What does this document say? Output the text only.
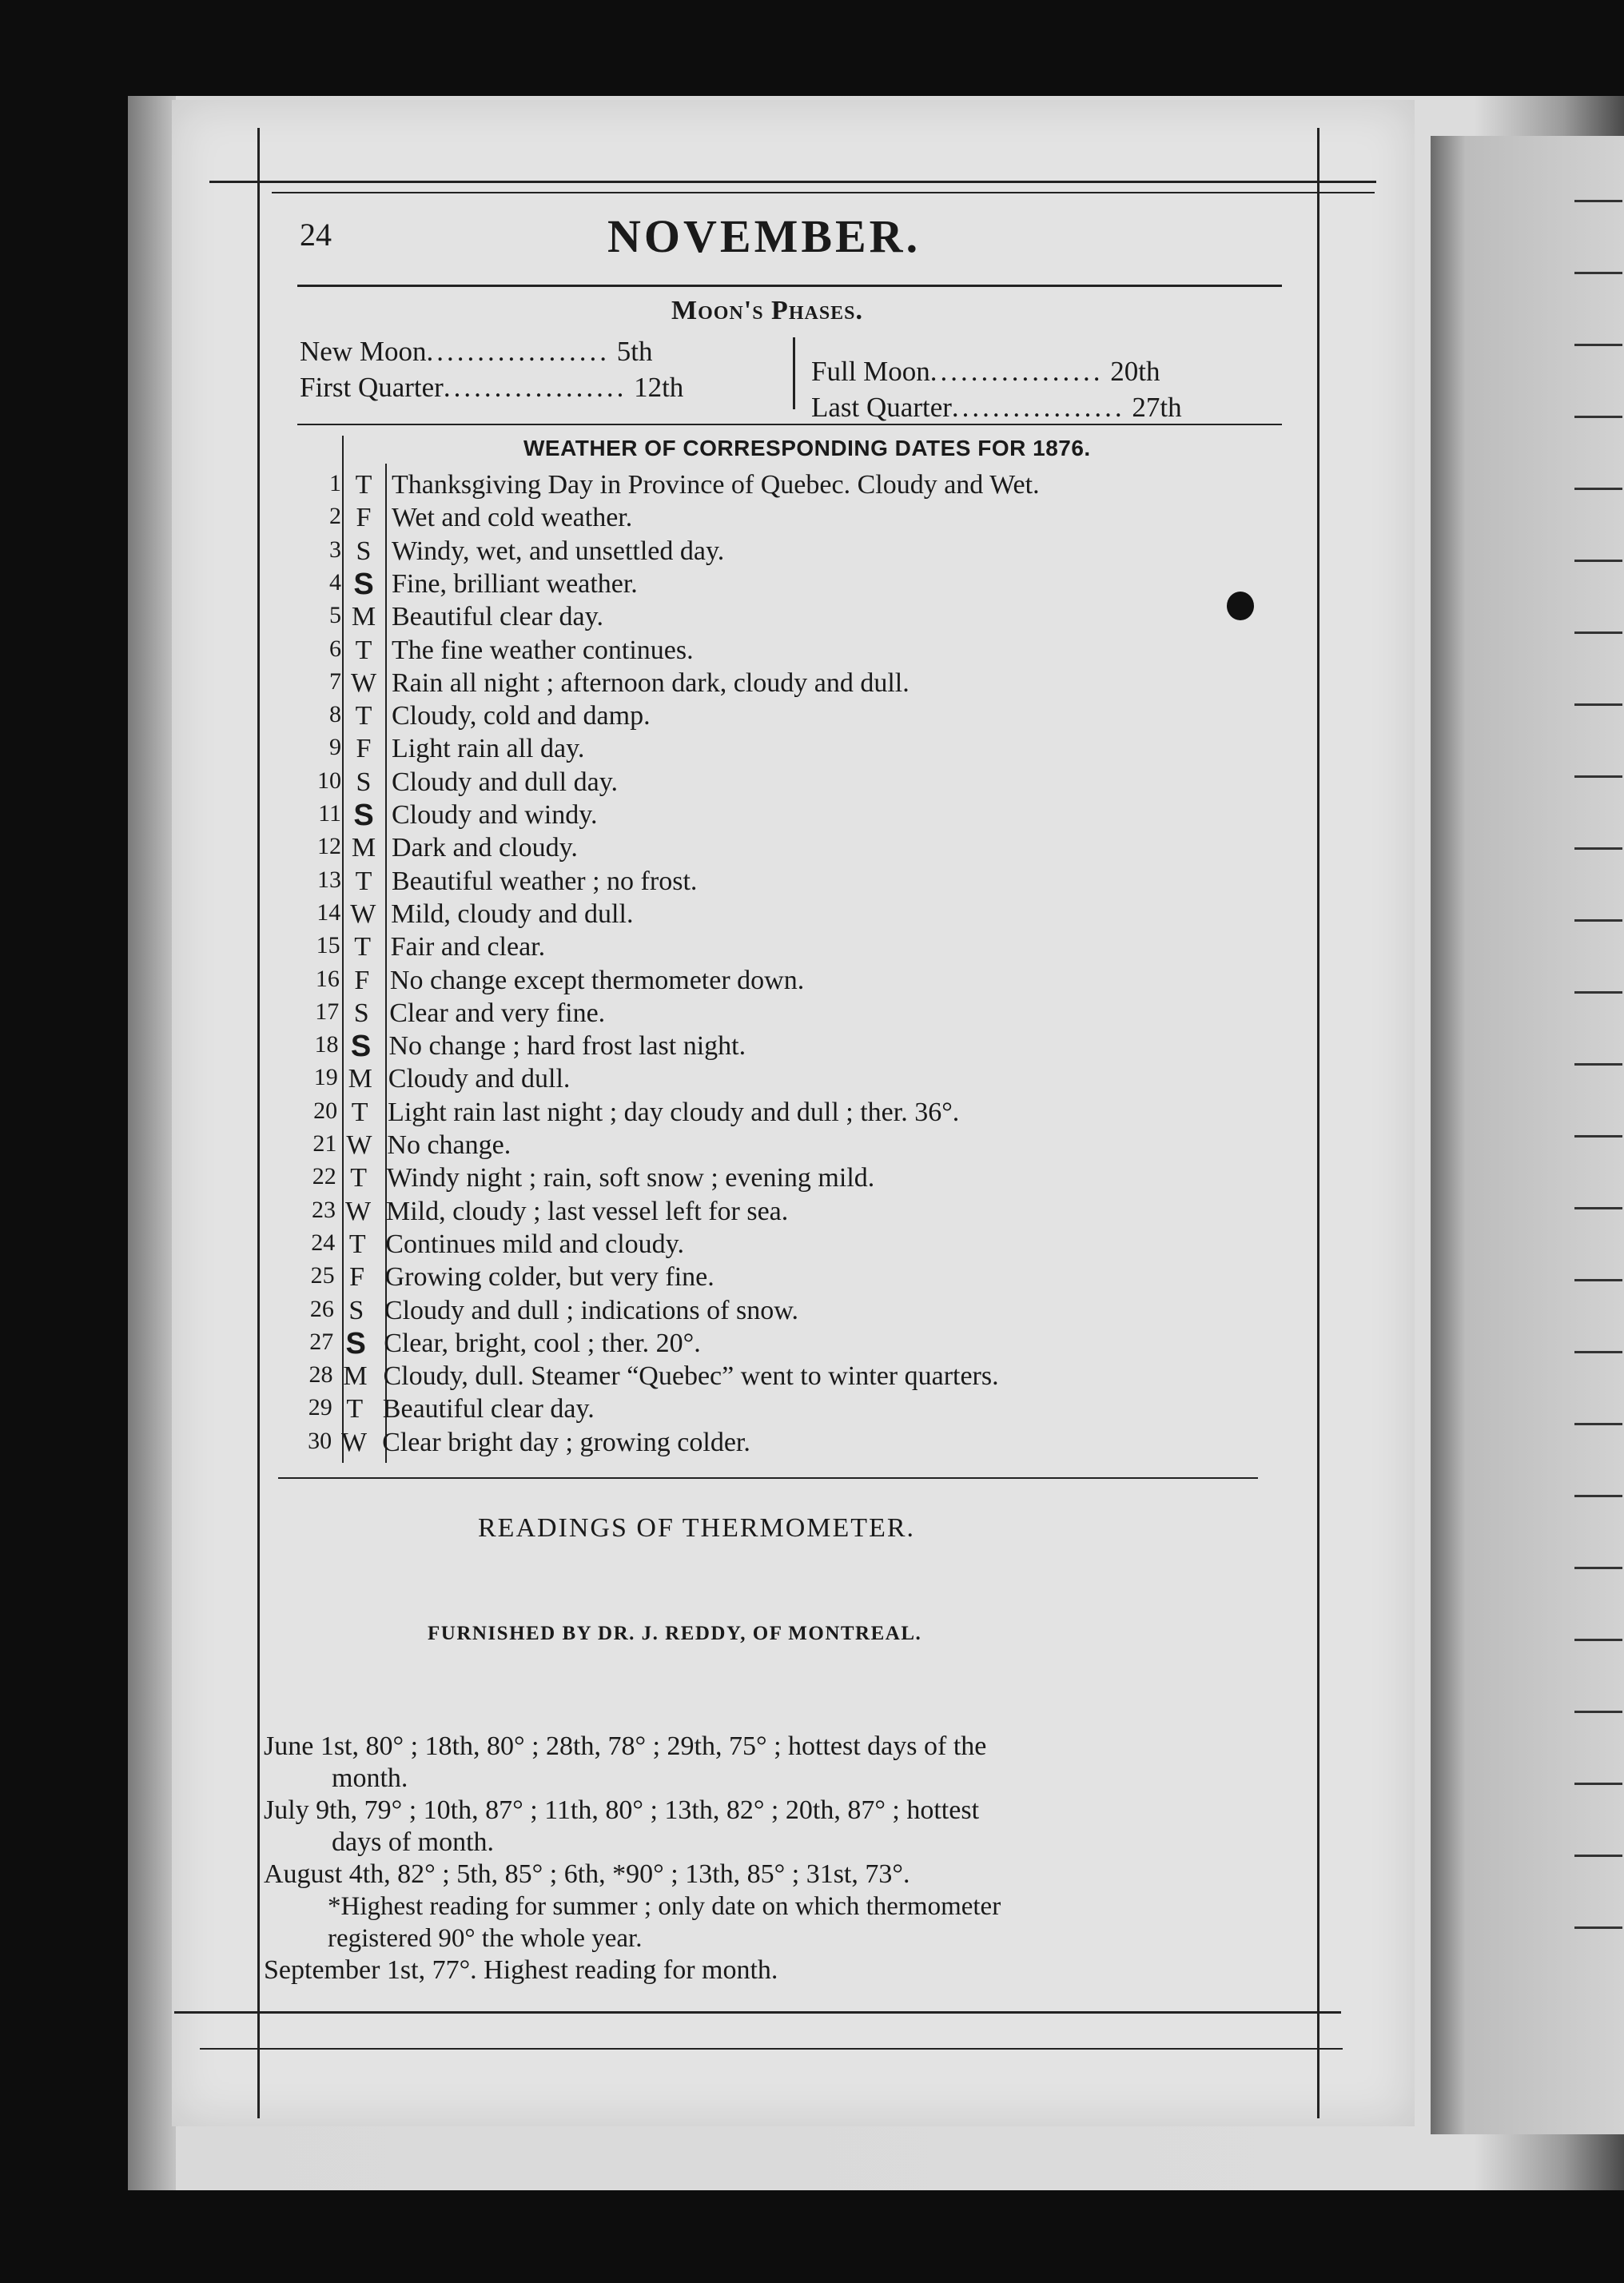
24	NOVEMBER.
Moon's Phases.
New Moon.................. 5th
First Quarter.................. 12th
Full Moon................. 20th
Last Quarter................. 27th
WEATHER OF CORRESPONDING DATES FOR 1876.
1 T Thanksgiving Day in Province of Quebec. Cloudy and Wet.
2 F Wet and cold weather.
3 S Windy, wet, and unsettled day.
4 S Fine, brilliant weather.
5 M Beautiful clear day.
6 T The fine weather continues.
7 W Rain all night ; afternoon dark, cloudy and dull.
8 T Cloudy, cold and damp.
9 F Light rain all day.
10 S Cloudy and dull day.
11 S Cloudy and windy.
12 M Dark and cloudy.
13 T Beautiful weather ; no frost.
14 W Mild, cloudy and dull.
15 T Fair and clear.
16 F No change except thermometer down.
17 S Clear and very fine.
18 S No change ; hard frost last night.
19 M Cloudy and dull.
20 T Light rain last night ; day cloudy and dull ; ther. 36°.
21 W No change.
22 T Windy night ; rain, soft snow ; evening mild.
23 W Mild, cloudy ; last vessel left for sea.
24 T Continues mild and cloudy.
25 F Growing colder, but very fine.
26 S Cloudy and dull ; indications of snow.
27 S Clear, bright, cool ; ther. 20°.
28 M Cloudy, dull. Steamer “Quebec” went to winter quarters.
29 T Beautiful clear day.
30 W Clear bright day ; growing colder.
READINGS OF THERMOMETER.
FURNISHED BY DR. J. REDDY, OF MONTREAL.
June 1st, 80° ; 18th, 80° ; 28th, 78° ; 29th, 75° ; hottest days of the
month.
July 9th, 79° ; 10th, 87° ; 11th, 80° ; 13th, 82° ; 20th, 87° ; hottest
days of month.
August 4th, 82° ; 5th, 85° ; 6th, *90° ; 13th, 85° ; 31st, 73°.
*Highest reading for summer ; only date on which thermometer
registered 90° the whole year.
September 1st, 77°. Highest reading for month.
